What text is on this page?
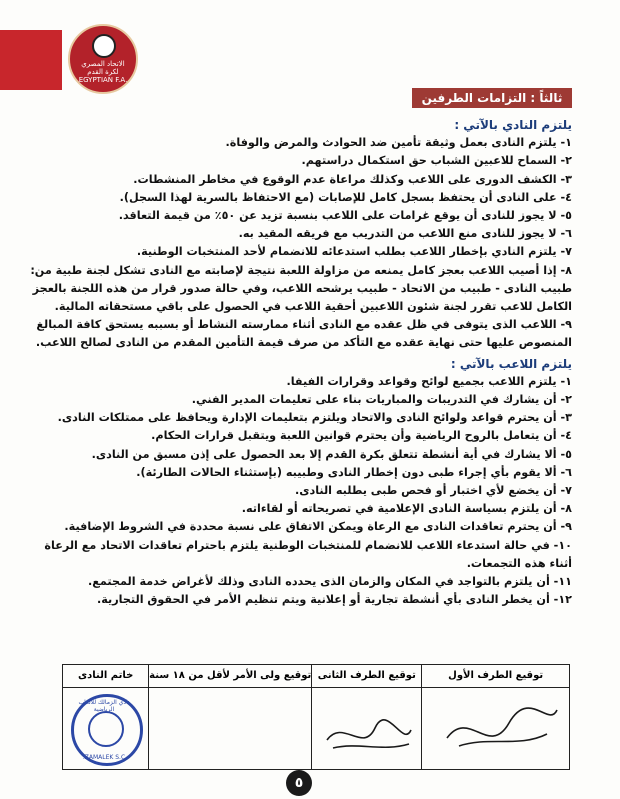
الاتحاد المصري لكرة القدم
EGYPTIAN F.A.
ثالثاً : التزامات الطرفين
يلتزم النادي بالآتي :
١- يلتزم النادى بعمل وثيقة تأمين ضد الحوادث والمرض والوفاة.
٢- السماح للاعبين الشباب حق استكمال دراستهم.
٣- الكشف الدورى على اللاعب وكذلك مراعاة عدم الوقوع في مخاطر المنشطات.
٤- على النادى أن يحتفظ بسجل كامل للإصابات (مع الاحتفاظ بالسرية لهذا السجل).
٥- لا يجوز للنادى أن يوقع غرامات على اللاعب بنسبة تزيد عن ٥٠٪ من قيمة التعاقد.
٦- لا يجوز للنادى منع اللاعب من التدريب مع فريقه المقيد به.
٧- يلتزم النادي بإخطار اللاعب بطلب استدعائه للانضمام لأحد المنتخبات الوطنية.
٨- إذا أصيب اللاعب بعجز كامل يمنعه من مزاولة اللعبة نتيجة لإصابته مع النادى تشكل لجنة طبية من: طبيب النادى - طبيب من الاتحاد - طبيب يرشحه اللاعب، وفي حالة صدور قرار من هذه اللجنة بالعجز الكامل للاعب تقرر لجنة شئون اللاعبين أحقية اللاعب في الحصول على باقي مستحقاته المالية.
٩- اللاعب الذى يتوفى في ظل عقده مع النادى أثناء ممارسته النشاط أو بسببه يستحق كافة المبالغ المنصوص عليها حتى نهاية عقده مع التأكد من صرف قيمة التأمين المقدم من النادى لصالح اللاعب.
يلتزم اللاعب بالآتي :
١- يلتزم اللاعب بجميع لوائح وقواعد وقرارات الفيفا.
٢- أن يشارك في التدريبات والمباريات بناء على تعليمات المدير الفني.
٣- أن يحترم قواعد ولوائح النادى والاتحاد ويلتزم بتعليمات الإدارة ويحافظ على ممتلكات النادى.
٤- أن يتعامل بالروح الرياضية وأن يحترم قوانين اللعبة ويتقبل قرارات الحكام.
٥- ألا يشارك في أية أنشطة تتعلق بكرة القدم إلا بعد الحصول على إذن مسبق من النادى.
٦- ألا يقوم بأي إجراء طبى دون إخطار النادى وطبيبه (بإستثناء الحالات الطارئة).
٧- أن يخضع لأي اختبار أو فحص طبى يطلبه النادى.
٨- أن يلتزم بسياسة النادى الإعلامية في تصريحاته أو لقاءاته.
٩- أن يحترم تعاقدات النادى مع الرعاة ويمكن الاتفاق على نسبة محددة في الشروط الإضافية.
١٠- في حالة استدعاء اللاعب للانضمام للمنتخبات الوطنية يلتزم باحترام تعاقدات الاتحاد مع الرعاة أثناء هذه التجمعات.
١١- أن يلتزم بالتواجد في المكان والزمان الذى يحدده النادى وذلك لأغراض خدمة المجتمع.
١٢- أن يخطر النادى بأي أنشطة تجارية أو إعلانية ويتم تنظيم الأمر في الحقوق التجارية.
توقيع الطرف الأول
توقيع الطرف الثانى
توقيع ولى الأمر لأقل من ١٨ سنة
خاتم النادى
نادي الزمالك للألعاب الرياضية
ZAMALEK S.C.
٥
